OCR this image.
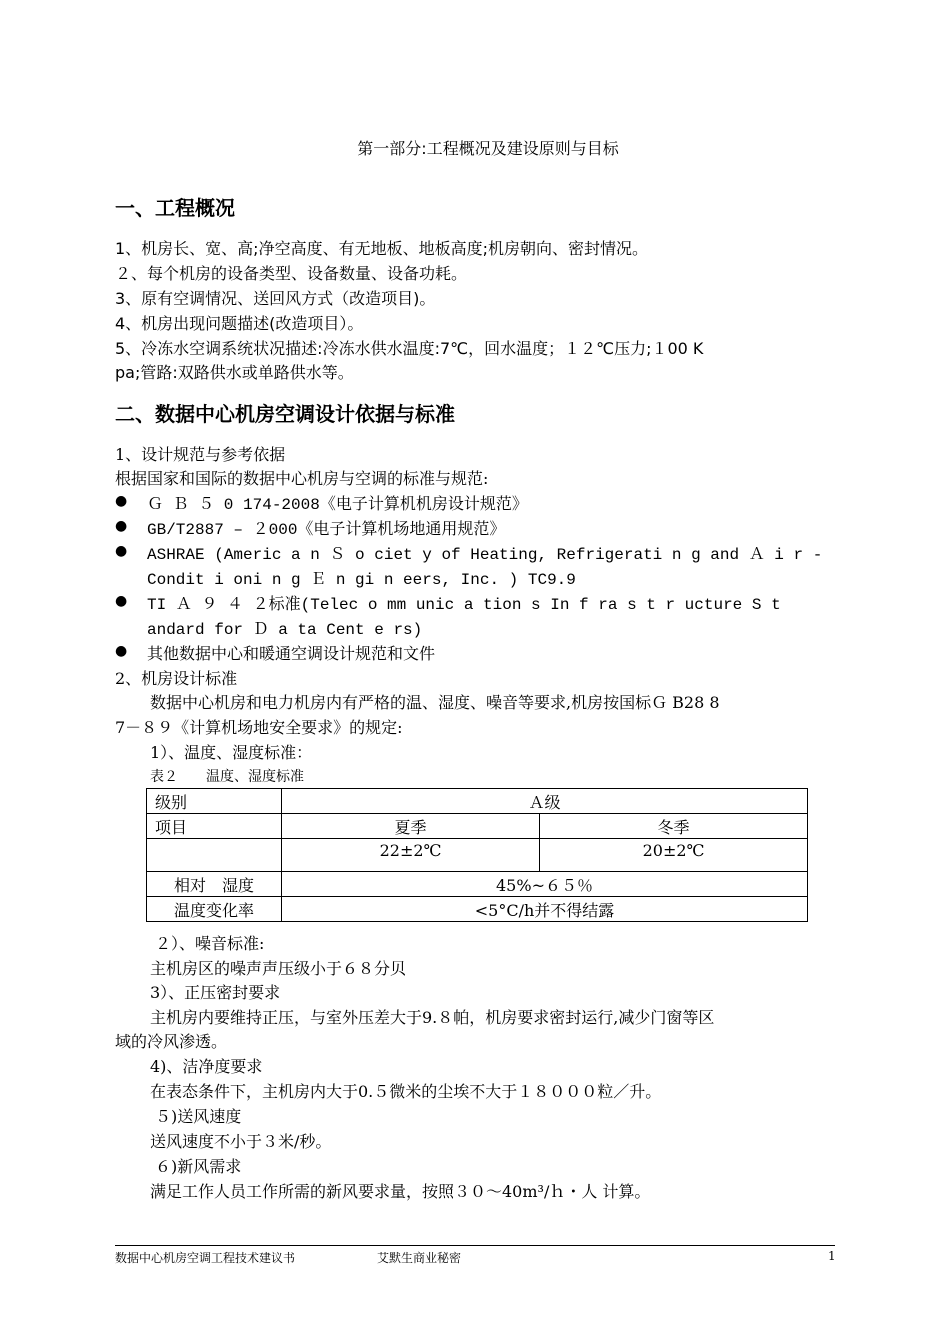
第一部分:工程概况及建设原则与目标
一、工程概况
1、机房长、宽、高;净空高度、有无地板、地板高度;机房朝向、密封情况。
２、每个机房的设备类型、设备数量、设备功耗。
3、原有空调情况、送回风方式（改造项目)。
4、机房出现问题描述(改造项目）。
5、冷冻水空调系统状况描述:冷冻水供水温度:7℃，回水温度；１２℃压力;１00 K
pa;管路:双路供水或单路供水等。
二、数据中心机房空调设计依据与标准
1、设计规范与参考依据
根据国家和国际的数据中心机房与空调的标准与规范:
● Ｇ Ｂ ５ 0 174-2008《电子计算机机房设计规范》
● GB/T2887 – ２000《电子计算机场地通用规范》
● ASHRAE (Americ a n Ｓ o ciet y of Heating, Refrigerati n g and Ａ i r -
Condit i oni n g Ｅ n gi n eers, Inc. ) TC9.9
● TI Ａ ９ ４ ２标准(Telec o mm unic a tion s In f ra s t r ucture S t
andard for Ｄ a ta Cent e rs)
● 其他数据中心和暖通空调设计规范和文件
2、机房设计标准
数据中心机房和电力机房内有严格的温、湿度、噪音等要求,机房按国标Ｇ B28 8
7－８９《计算机场地安全要求》的规定:
1）、温度、湿度标准：
表２　　温度、湿度标准
级别	Ａ级	
项目	夏季	冬季
	22±2℃	20±2℃
相对　湿度	45%~６５％	
温度变化率	<5°C/h并不得结露	
２）、噪音标准:
主机房区的噪声声压级小于６８分贝
3）、正压密封要求
主机房内要维持正压，与室外压差大于9.８帕，机房要求密封运行,减少门窗等区
域的冷风渗透。
4)、洁净度要求
在表态条件下，主机房内大于0.５微米的尘埃不大于１８０００粒／升。
５)送风速度
送风速度不小于３米/秒。
６)新风需求
满足工作人员工作所需的新风要求量，按照３０～40m³/ｈ・人 计算。
数据中心机房空调工程技术建议书	艾默生商业秘密	1
